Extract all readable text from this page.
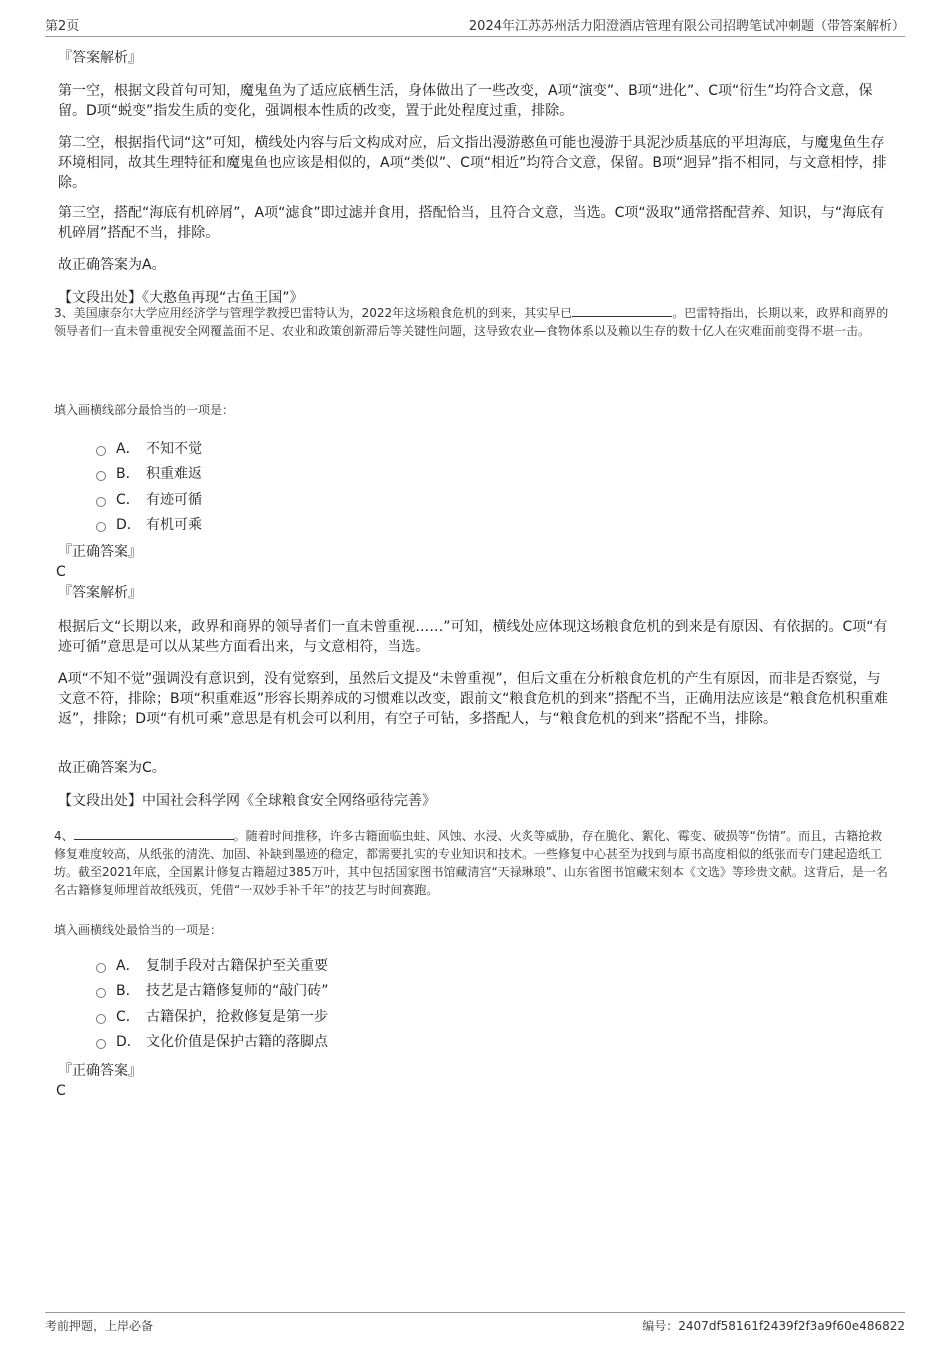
第2页	2024年江苏苏州活力阳澄酒店管理有限公司招聘笔试冲刺题（带答案解析）
『答案解析』
第一空，根据文段首句可知，魔鬼鱼为了适应底栖生活，身体做出了一些改变，A项“演变”、B项“进化”、C项“衍生”均符合文意，保留。D项“蜕变”指发生质的变化，强调根本性质的改变，置于此处程度过重，排除。
第二空，根据指代词“这”可知，横线处内容与后文构成对应，后文指出漫游憨鱼可能也漫游于具泥沙质基底的平坦海底，与魔鬼鱼生存环境相同，故其生理特征和魔鬼鱼也应该是相似的，A项“类似”、C项“相近”均符合文意，保留。B项“迥异”指不相同，与文意相悖，排除。
第三空，搭配“海底有机碎屑”，A项“滤食”即过滤并食用，搭配恰当，且符合文意，当选。C项“汲取”通常搭配营养、知识，与“海底有机碎屑”搭配不当，排除。
故正确答案为A。
【文段出处】《大憨鱼再现“古鱼王国”》
3、美国康奈尔大学应用经济学与管理学教授巴雷特认为，2022年这场粮食危机的到来，其实早已	。巴雷特指出，长期以来，政界和商界的领导者们一直未曾重视安全网覆盖面不足、农业和政策创新滞后等关键性问题，这导致农业—食物体系以及赖以生存的数十亿人在灾难面前变得不堪一击。
填入画横线部分最恰当的一项是：
A． 不知不觉
B． 积重难返
C． 有迹可循
D． 有机可乘
『正确答案』
C
『答案解析』
根据后文“长期以来，政界和商界的领导者们一直未曾重视……”可知，横线处应体现这场粮食危机的到来是有原因、有依据的。C项“有迹可循”意思是可以从某些方面看出来，与文意相符，当选。
A项“不知不觉”强调没有意识到，没有觉察到，虽然后文提及“未曾重视”，但后文重在分析粮食危机的产生有原因，而非是否察觉，与文意不符，排除；B项“积重难返”形容长期养成的习惯难以改变，跟前文“粮食危机的到来”搭配不当，正确用法应该是“粮食危机积重难返”，排除；D项“有机可乘”意思是有机会可以利用，有空子可钻，多搭配人，与“粮食危机的到来”搭配不当，排除。
故正确答案为C。
【文段出处】中国社会科学网《全球粮食安全网络亟待完善》
4、	。随着时间推移，许多古籍面临虫蛀、风蚀、水浸、火炙等威胁，存在脆化、絮化、霉变、破损等“伤情”。而且，古籍抢救修复难度较高，从纸张的清洗、加固、补缺到墨迹的稳定，都需要扎实的专业知识和技术。一些修复中心甚至为找到与原书高度相似的纸张而专门建起造纸工坊。截至2021年底，全国累计修复古籍超过385万叶，其中包括国家图书馆藏清宫“天禄琳琅”、山东省图书馆藏宋刻本《文选》等珍贵文献。这背后，是一名名古籍修复师埋首故纸残页，凭借“一双妙手补千年”的技艺与时间赛跑。
填入画横线处最恰当的一项是：
A． 复制手段对古籍保护至关重要
B． 技艺是古籍修复师的“敲门砖”
C． 古籍保护，抢救修复是第一步
D． 文化价值是保护古籍的落脚点
『正确答案』
C
考前押题，上岸必备	编号：2407df58161f2439f2f3a9f60e486822
